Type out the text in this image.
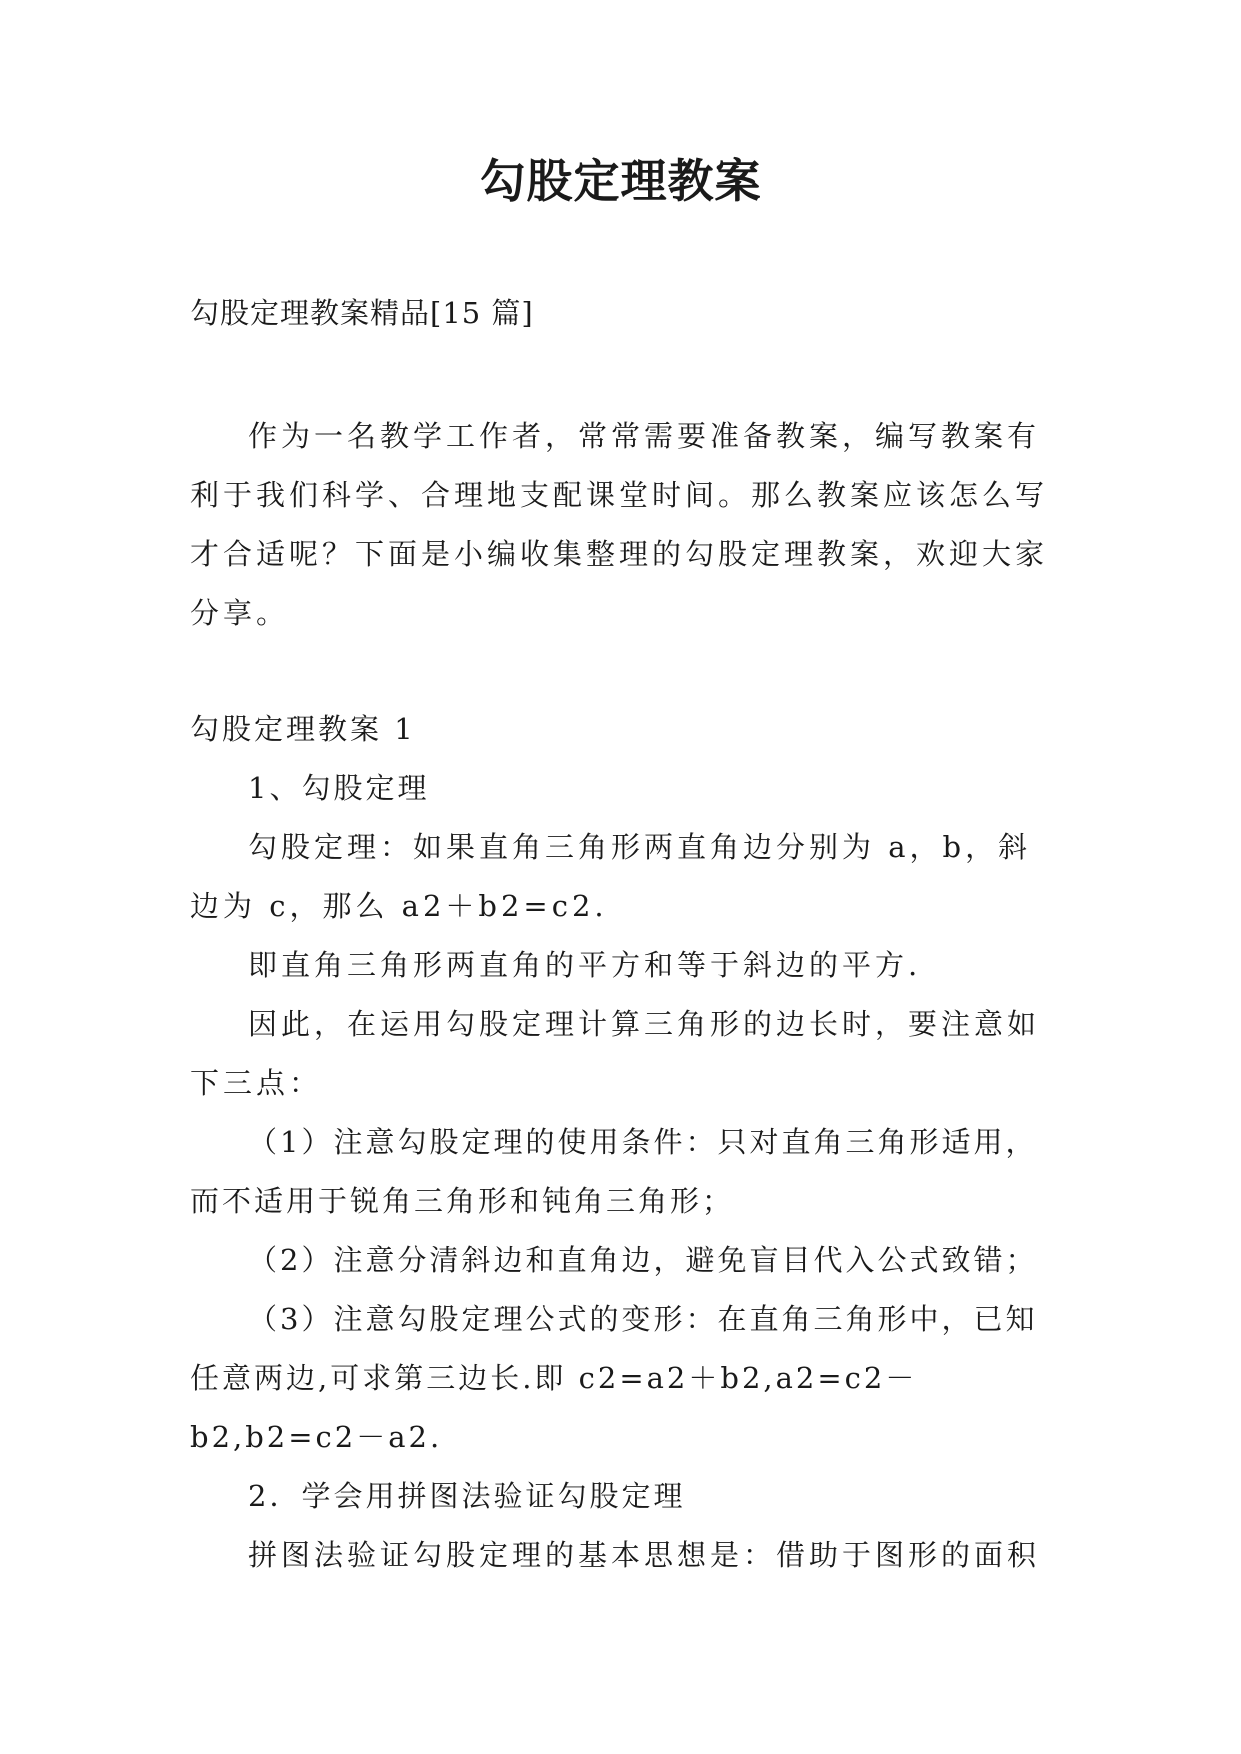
勾股定理教案
勾股定理教案精品[15 篇]

作为一名教学工作者，常常需要准备教案，编写教案有利于我们科学、合理地支配课堂时间。那么教案应该怎么写才合适呢？下面是小编收集整理的勾股定理教案，欢迎大家分享。

勾股定理教案 1

1、勾股定理

勾股定理：如果直角三角形两直角边分别为 a，b，斜边为 c，那么 a2＋b2=c2.

即直角三角形两直角的平方和等于斜边的平方.

因此，在运用勾股定理计算三角形的边长时，要注意如下三点：

（1）注意勾股定理的使用条件：只对直角三角形适用，而不适用于锐角三角形和钝角三角形；

（2）注意分清斜边和直角边，避免盲目代入公式致错；

（3）注意勾股定理公式的变形：在直角三角形中，已知任意两边,可求第三边长.即 c2=a2＋b2,a2=c2－b2,b2=c2－a2.

2．学会用拼图法验证勾股定理

拼图法验证勾股定理的基本思想是：借助于图形的面积
